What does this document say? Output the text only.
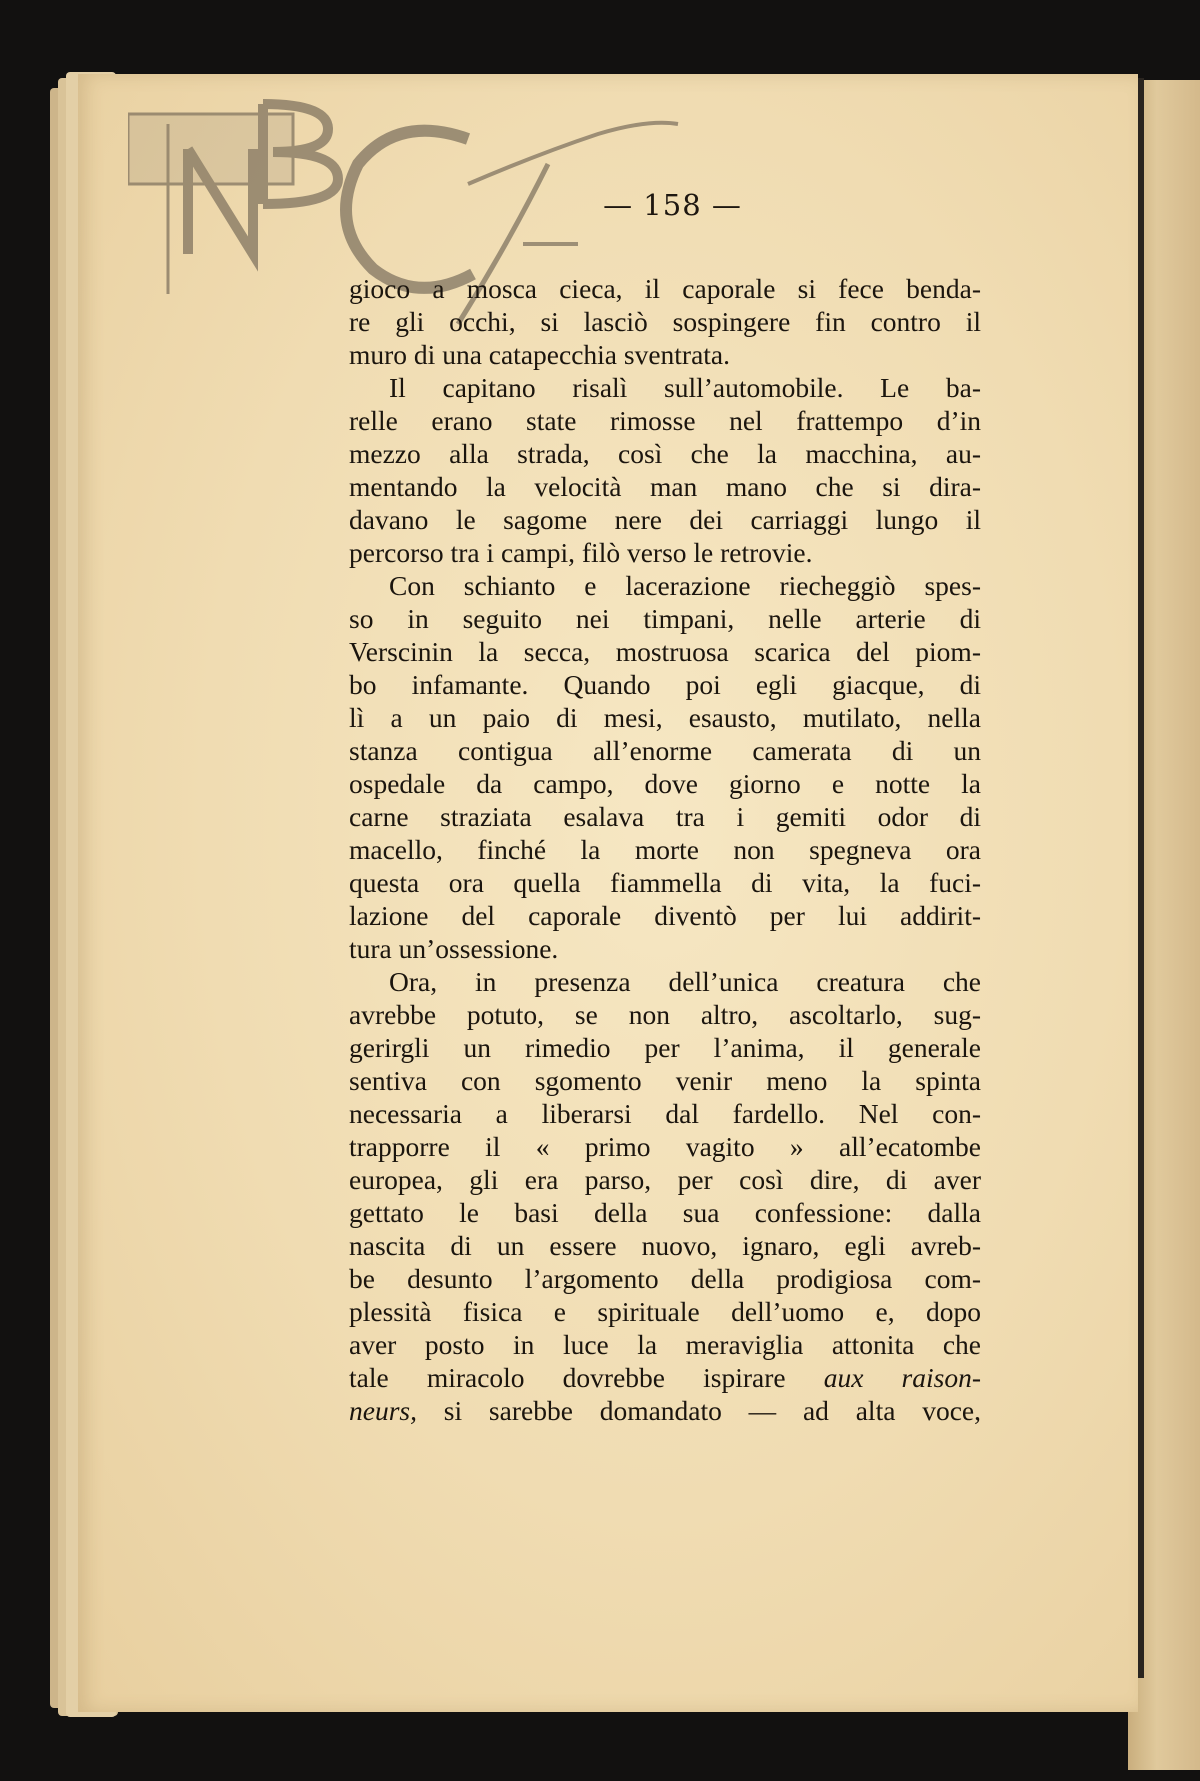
— 158 —
gioco a mosca cieca, il caporale si fece benda-
re gli occhi, si lasciò sospingere fin contro il
muro di una catapecchia sventrata.
Il capitano risalì sull’automobile. Le ba-
relle erano state rimosse nel frattempo d’in
mezzo alla strada, così che la macchina, au-
mentando la velocità man mano che si dira-
davano le sagome nere dei carriaggi lungo il
percorso tra i campi, filò verso le retrovie.
Con schianto e lacerazione riecheggiò spes-
so in seguito nei timpani, nelle arterie di
Verscinin la secca, mostruosa scarica del piom-
bo infamante. Quando poi egli giacque, di
lì a un paio di mesi, esausto, mutilato, nella
stanza contigua all’enorme camerata di un
ospedale da campo, dove giorno e notte la
carne straziata esalava tra i gemiti odor di
macello, finché la morte non spegneva ora
questa ora quella fiammella di vita, la fuci-
lazione del caporale diventò per lui addirit-
tura un’ossessione.
Ora, in presenza dell’unica creatura che
avrebbe potuto, se non altro, ascoltarlo, sug-
gerirgli un rimedio per l’anima, il generale
sentiva con sgomento venir meno la spinta
necessaria a liberarsi dal fardello. Nel con-
trapporre il « primo vagito » all’ecatombe
europea, gli era parso, per così dire, di aver
gettato le basi della sua confessione: dalla
nascita di un essere nuovo, ignaro, egli avreb-
be desunto l’argomento della prodigiosa com-
plessità fisica e spirituale dell’uomo e, dopo
aver posto in luce la meraviglia attonita che
tale miracolo dovrebbe ispirare aux raison-
neurs, si sarebbe domandato — ad alta voce,
